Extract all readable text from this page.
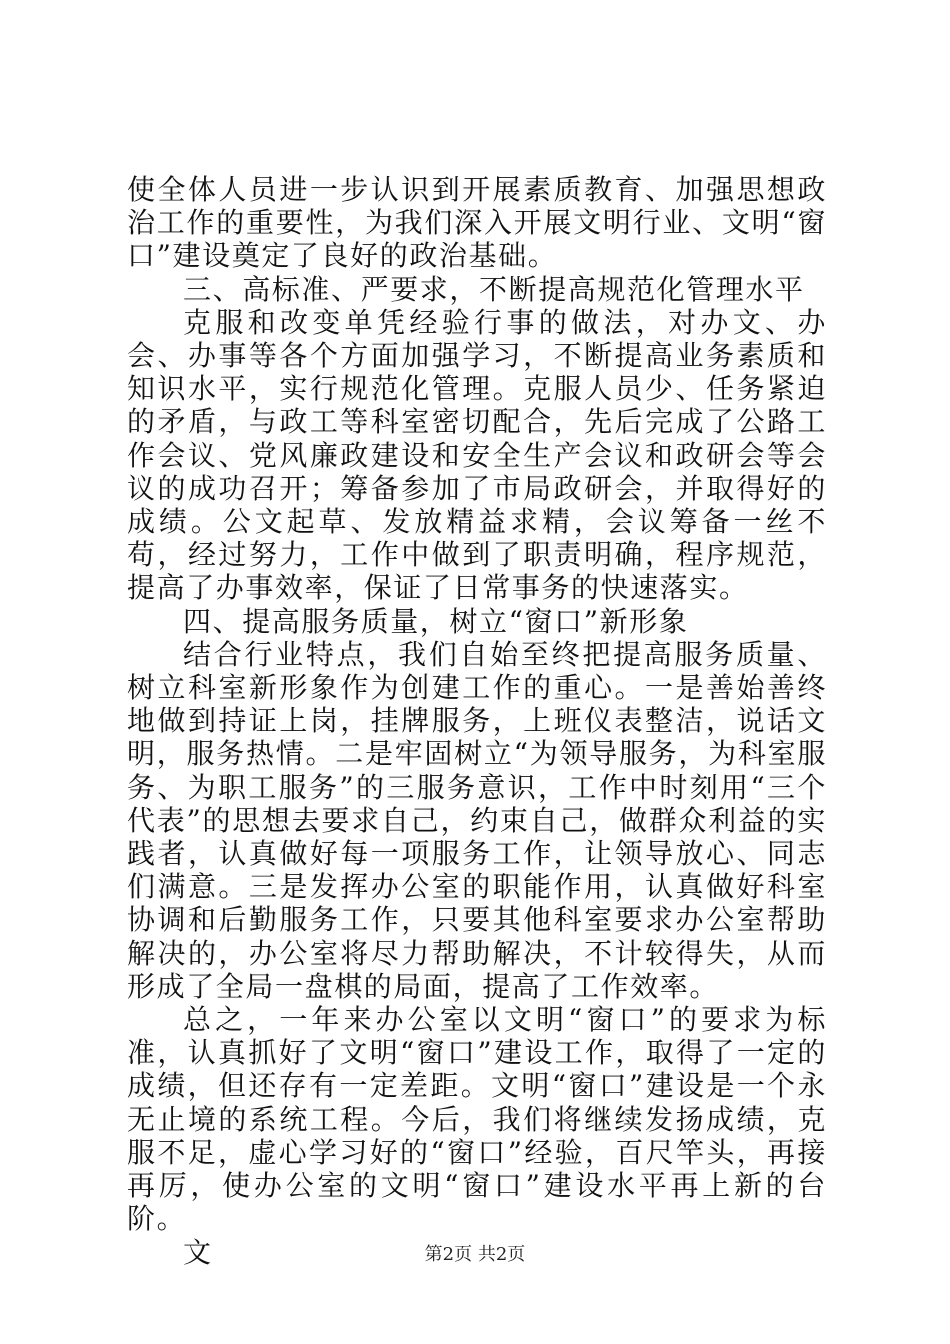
使全体人员进一步认识到开展素质教育、加强思想政治工作的重要性，为我们深入开展文明行业、文明“窗口”建设奠定了良好的政治基础。

三、高标准、严要求，不断提高规范化管理水平

克服和改变单凭经验行事的做法，对办文、办会、办事等各个方面加强学习，不断提高业务素质和知识水平，实行规范化管理。克服人员少、任务紧迫的矛盾，与政工等科室密切配合，先后完成了公路工作会议、党风廉政建设和安全生产会议和政研会等会议的成功召开；筹备参加了市局政研会，并取得好的成绩。公文起草、发放精益求精，会议筹备一丝不苟，经过努力，工作中做到了职责明确，程序规范，提高了办事效率，保证了日常事务的快速落实。

四、提高服务质量，树立“窗口”新形象

结合行业特点，我们自始至终把提高服务质量、树立科室新形象作为创建工作的重心。一是善始善终地做到持证上岗，挂牌服务，上班仪表整洁，说话文明，服务热情。二是牢固树立“为领导服务，为科室服务、为职工服务”的三服务意识，工作中时刻用“三个代表”的思想去要求自己，约束自己，做群众利益的实践者，认真做好每一项服务工作，让领导放心、同志们满意。三是发挥办公室的职能作用，认真做好科室协调和后勤服务工作，只要其他科室要求办公室帮助解决的，办公室将尽力帮助解决，不计较得失，从而形成了全局一盘棋的局面，提高了工作效率。

总之，一年来办公室以文明“窗口”的要求为标准，认真抓好了文明“窗口”建设工作，取得了一定的成绩，但还存有一定差距。文明“窗口”建设是一个永无止境的系统工程。今后，我们将继续发扬成绩，克服不足，虚心学习好的“窗口”经验，百尺竿头，再接再厉，使办公室的文明“窗口”建设水平再上新的台阶。

文	第2页 共2页
